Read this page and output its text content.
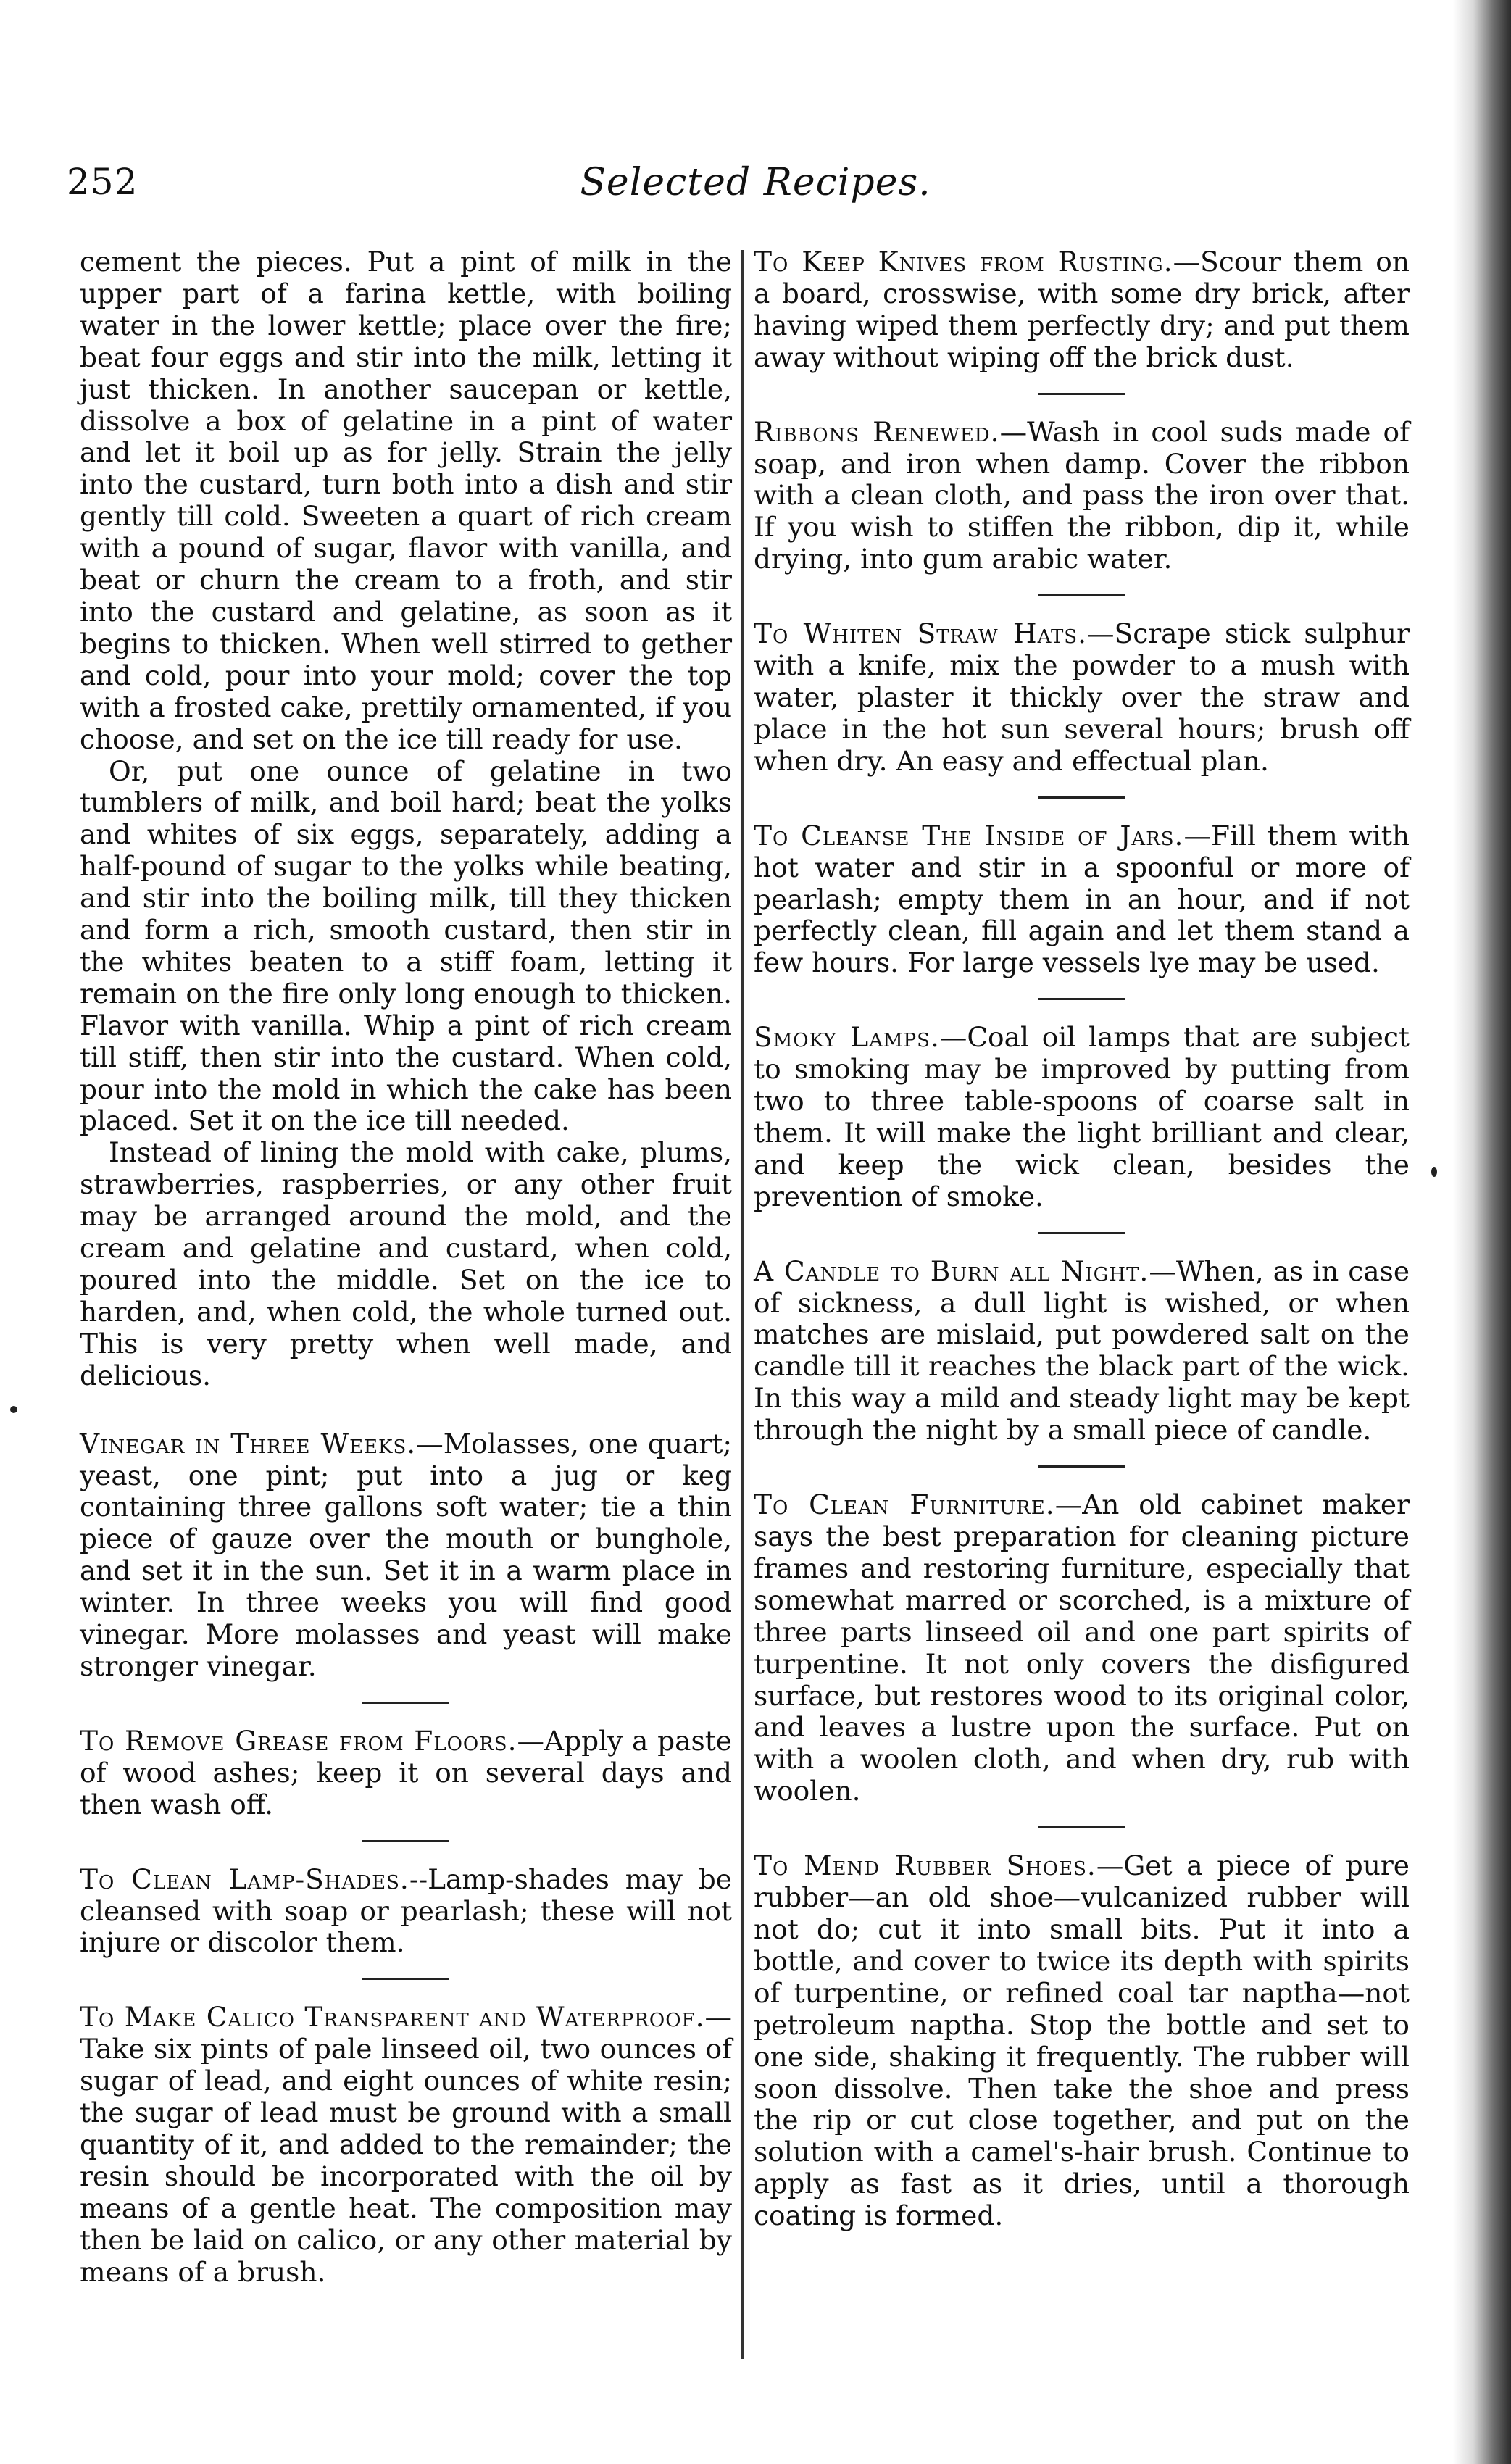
252	Selected Recipes.

cement the pieces. Put a pint of milk in the upper part of a farina kettle, with boiling water in the lower kettle; place over the fire; beat four eggs and stir into the milk, letting it just thicken. In another saucepan or kettle, dissolve a box of gelatine in a pint of water and let it boil up as for jelly. Strain the jelly into the custard, turn both into a dish and stir gently till cold. Sweeten a quart of rich cream with a pound of sugar, flavor with vanilla, and beat or churn the cream to a froth, and stir into the custard and gelatine, as soon as it begins to thicken. When well stirred to gether and cold, pour into your mold; cover the top with a frosted cake, prettily ornamented, if you choose, and set on the ice till ready for use.

Or, put one ounce of gelatine in two tumblers of milk, and boil hard; beat the yolks and whites of six eggs, separately, adding a half-pound of sugar to the yolks while beating, and stir into the boiling milk, till they thicken and form a rich, smooth custard, then stir in the whites beaten to a stiff foam, letting it remain on the fire only long enough to thicken. Flavor with vanilla. Whip a pint of rich cream till stiff, then stir into the custard. When cold, pour into the mold in which the cake has been placed. Set it on the ice till needed.

Instead of lining the mold with cake, plums, strawberries, raspberries, or any other fruit may be arranged around the mold, and the cream and gelatine and custard, when cold, poured into the middle. Set on the ice to harden, and, when cold, the whole turned out. This is very pretty when well made, and delicious.

Vinegar in Three Weeks.—Molasses, one quart; yeast, one pint; put into a jug or keg containing three gallons soft water; tie a thin piece of gauze over the mouth or bunghole, and set it in the sun. Set it in a warm place in winter. In three weeks you will find good vinegar. More molasses and yeast will make stronger vinegar.

To Remove Grease from Floors.—Apply a paste of wood ashes; keep it on several days and then wash off.

To Clean Lamp-Shades.--Lamp-shades may be cleansed with soap or pearlash; these will not injure or discolor them.

To Make Calico Transparent and Waterproof.—Take six pints of pale linseed oil, two ounces of sugar of lead, and eight ounces of white resin; the sugar of lead must be ground with a small quantity of it, and added to the remainder; the resin should be incorporated with the oil by means of a gentle heat. The composition may then be laid on calico, or any other material by means of a brush.

To Keep Knives from Rusting.—Scour them on a board, crosswise, with some dry brick, after having wiped them perfectly dry; and put them away without wiping off the brick dust.

Ribbons Renewed.—Wash in cool suds made of soap, and iron when damp. Cover the ribbon with a clean cloth, and pass the iron over that. If you wish to stiffen the ribbon, dip it, while drying, into gum arabic water.

To Whiten Straw Hats.—Scrape stick sulphur with a knife, mix the powder to a mush with water, plaster it thickly over the straw and place in the hot sun several hours; brush off when dry. An easy and effectual plan.

To Cleanse The Inside of Jars.—Fill them with hot water and stir in a spoonful or more of pearlash; empty them in an hour, and if not perfectly clean, fill again and let them stand a few hours. For large vessels lye may be used.

Smoky Lamps.—Coal oil lamps that are subject to smoking may be improved by putting from two to three table-spoons of coarse salt in them. It will make the light brilliant and clear, and keep the wick clean, besides the prevention of smoke.

A Candle to Burn all Night.—When, as in case of sickness, a dull light is wished, or when matches are mislaid, put powdered salt on the candle till it reaches the black part of the wick. In this way a mild and steady light may be kept through the night by a small piece of candle.

To Clean Furniture.—An old cabinet maker says the best preparation for cleaning picture frames and restoring furniture, especially that somewhat marred or scorched, is a mixture of three parts linseed oil and one part spirits of turpentine. It not only covers the disfigured surface, but restores wood to its original color, and leaves a lustre upon the surface. Put on with a woolen cloth, and when dry, rub with woolen.

To Mend Rubber Shoes.—Get a piece of pure rubber—an old shoe—vulcanized rubber will not do; cut it into small bits. Put it into a bottle, and cover to twice its depth with spirits of turpentine, or refined coal tar naptha—not petroleum naptha. Stop the bottle and set to one side, shaking it frequently. The rubber will soon dissolve. Then take the shoe and press the rip or cut close together, and put on the solution with a camel's-hair brush. Continue to apply as fast as it dries, until a thorough coating is formed.
